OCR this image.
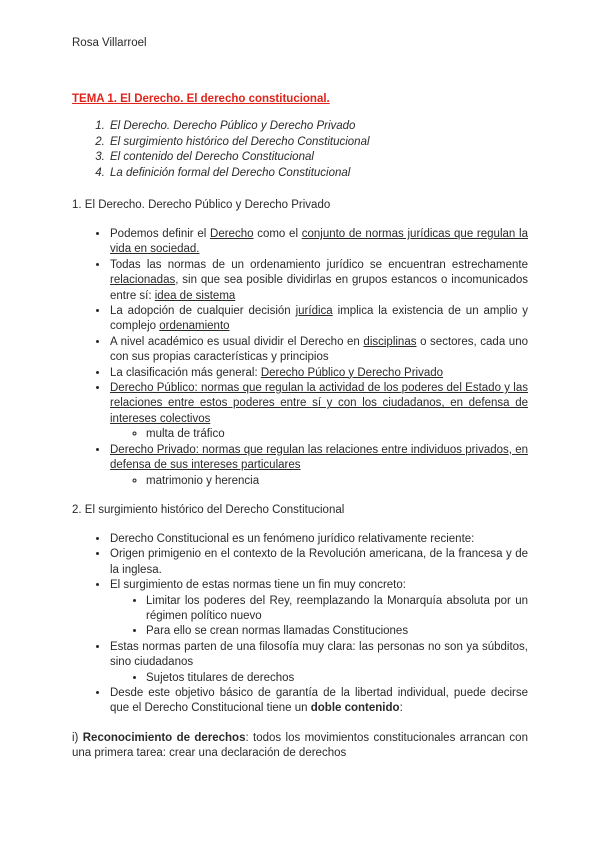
Rosa Villarroel
TEMA 1. El Derecho. El derecho constitucional.
1. El Derecho. Derecho Público y Derecho Privado
2. El surgimiento histórico del Derecho Constitucional
3. El contenido del Derecho Constitucional
4. La definición formal del Derecho Constitucional
1. El Derecho. Derecho Público y Derecho Privado
• Podemos definir el Derecho como el conjunto de normas jurídicas que regulan la vida en sociedad.
• Todas las normas de un ordenamiento jurídico se encuentran estrechamente relacionadas, sin que sea posible dividirlas en grupos estancos o incomunicados entre sí: idea de sistema
• La adopción de cualquier decisión jurídica implica la existencia de un amplio y complejo ordenamiento
• A nivel académico es usual dividir el Derecho en disciplinas o sectores, cada uno con sus propias características y principios
• La clasificación más general: Derecho Público y Derecho Privado
• Derecho Público: normas que regulan la actividad de los poderes del Estado y las relaciones entre estos poderes entre sí y con los ciudadanos, en defensa de intereses colectivos
◦ multa de tráfico
• Derecho Privado: normas que regulan las relaciones entre individuos privados, en defensa de sus intereses particulares
◦ matrimonio y herencia
2. El surgimiento histórico del Derecho Constitucional
• Derecho Constitucional es un fenómeno jurídico relativamente reciente:
• Origen primigenio en el contexto de la Revolución americana, de la francesa y de la inglesa.
• El surgimiento de estas normas tiene un fin muy concreto:
• Limitar los poderes del Rey, reemplazando la Monarquía absoluta por un régimen político nuevo
• Para ello se crean normas llamadas Constituciones
• Estas normas parten de una filosofía muy clara: las personas no son ya súbditos, sino ciudadanos
• Sujetos titulares de derechos
• Desde este objetivo básico de garantía de la libertad individual, puede decirse que el Derecho Constitucional tiene un doble contenido:

i) Reconocimiento de derechos: todos los movimientos constitucionales arrancan con una primera tarea: crear una declaración de derechos
